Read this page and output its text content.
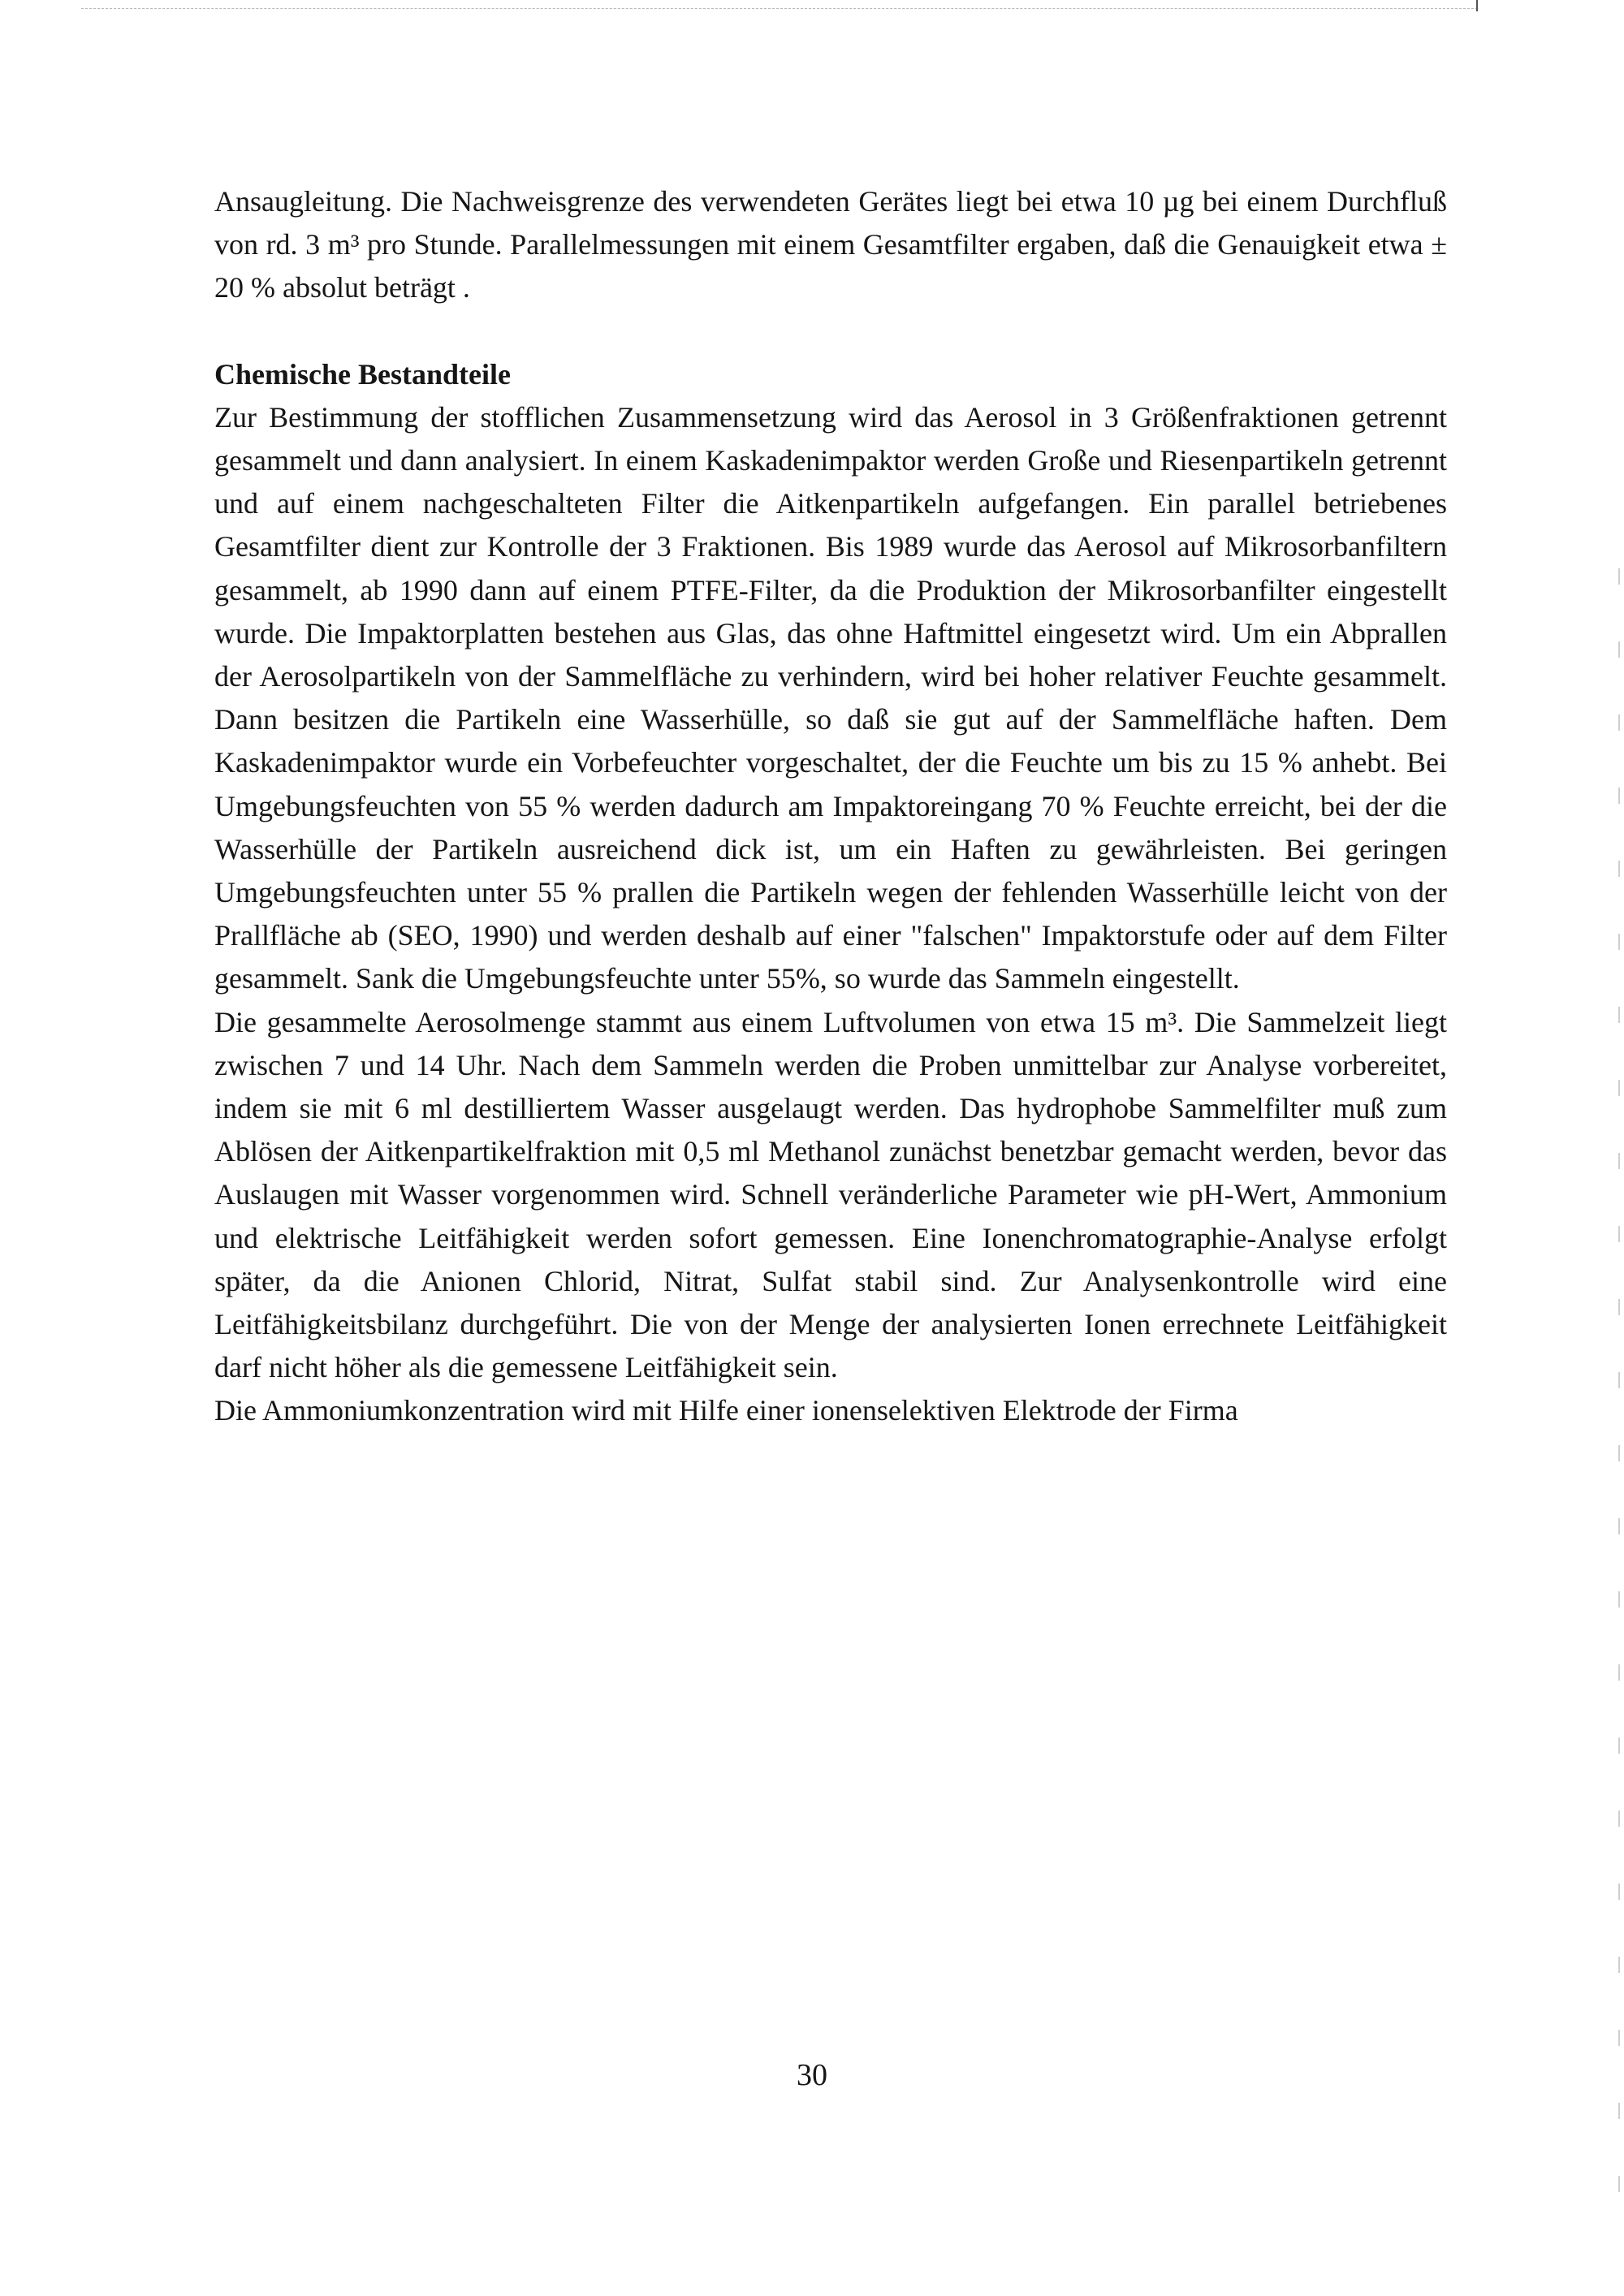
Ansaugleitung. Die Nachweisgrenze des verwendeten Gerätes liegt bei etwa 10 µg bei einem Durchfluß von rd. 3 m³ pro Stunde. Parallelmessungen mit einem Gesamtfilter ergaben, daß die Genauigkeit etwa ± 20 % absolut beträgt .

Chemische Bestandteile

Zur Bestimmung der stofflichen Zusammensetzung wird das Aerosol in 3 Größenfraktionen getrennt gesammelt und dann analysiert. In einem Kaskadenimpaktor werden Große und Riesenpartikeln getrennt und auf einem nachgeschalteten Filter die Aitkenpartikeln aufgefangen. Ein parallel betriebenes Gesamtfilter dient zur Kontrolle der 3 Fraktionen. Bis 1989 wurde das Aerosol auf Mikrosorbanfiltern gesammelt, ab 1990 dann auf einem PTFE-Filter, da die Produktion der Mikrosorbanfilter eingestellt wurde. Die Impaktorplatten bestehen aus Glas, das ohne Haftmittel eingesetzt wird. Um ein Abprallen der Aerosolpartikeln von der Sammelfläche zu verhindern, wird bei hoher relativer Feuchte gesammelt. Dann besitzen die Partikeln eine Wasserhülle, so daß sie gut auf der Sammelfläche haften. Dem Kaskadenimpaktor wurde ein Vorbefeuchter vorgeschaltet, der die Feuchte um bis zu 15 % anhebt. Bei Umgebungsfeuchten von 55 % werden dadurch am Impaktoreingang 70 % Feuchte erreicht, bei der die Wasserhülle der Partikeln ausreichend dick ist, um ein Haften zu gewährleisten. Bei geringen Umgebungsfeuchten unter 55 % prallen die Partikeln wegen der fehlenden Wasserhülle leicht von der Prallfläche ab (SEO, 1990) und werden deshalb auf einer "falschen" Impaktorstufe oder auf dem Filter gesammelt. Sank die Umgebungsfeuchte unter 55%, so wurde das Sammeln eingestellt.

Die gesammelte Aerosolmenge stammt aus einem Luftvolumen von etwa 15 m³. Die Sammelzeit liegt zwischen 7 und 14 Uhr. Nach dem Sammeln werden die Proben unmittelbar zur Analyse vorbereitet, indem sie mit 6 ml destilliertem Wasser ausgelaugt werden. Das hydrophobe Sammelfilter muß zum Ablösen der Aitkenpartikelfraktion mit 0,5 ml Methanol zunächst benetzbar gemacht werden, bevor das Auslaugen mit Wasser vorgenommen wird. Schnell veränderliche Parameter wie pH-Wert, Ammonium und elektrische Leitfähigkeit werden sofort gemessen. Eine Ionenchromatographie-Analyse erfolgt später, da die Anionen Chlorid, Nitrat, Sulfat stabil sind. Zur Analysenkontrolle wird eine Leitfähigkeitsbilanz durchgeführt. Die von der Menge der analysierten Ionen errechnete Leitfähigkeit darf nicht höher als die gemessene Leitfähigkeit sein.

Die Ammoniumkonzentration wird mit Hilfe einer ionenselektiven Elektrode der Firma

30
